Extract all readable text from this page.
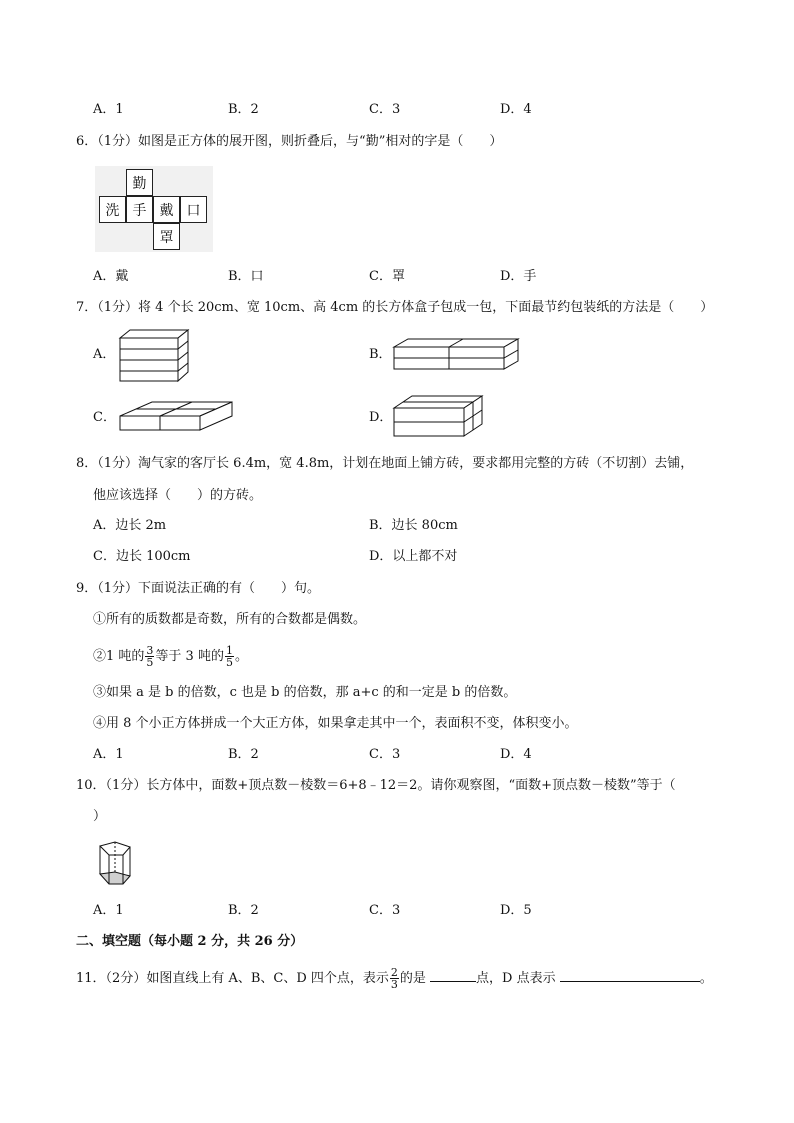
A．1	B．2	C．3	D．4
6．（1分）如图是正方体的展开图，则折叠后，与“勤”相对的字是（　　）
勤
洗 手 戴 口
罩
A．戴	B．口	C．罩	D．手
7．（1分）将 4 个长 20cm、宽 10cm、高 4cm 的长方体盒子包成一包，下面最节约包装纸的方法是（　　）
A．	B．
C．	D．
8．（1分）淘气家的客厅长 6.4m，宽 4.8m，计划在地面上铺方砖，要求都用完整的方砖（不切割）去铺，
他应该选择（　　）的方砖。
A．边长 2m	B．边长 80cm
C．边长 100cm	D．以上都不对
9．（1分）下面说法正确的有（　　）句。
①所有的质数都是奇数，所有的合数都是偶数。
②1 吨的 $\frac{3}{5}$ 等于 3 吨的 $\frac{1}{5}$ 。
③如果 a 是 b 的倍数，c 也是 b 的倍数，那 a+c 的和一定是 b 的倍数。
④用 8 个小正方体拼成一个大正方体，如果拿走其中一个，表面积不变，体积变小。
A．1	B．2	C．3	D．4
10．（1分）长方体中，面数+顶点数－棱数＝6+8﹣12＝2。请你观察图，“面数+顶点数－棱数”等于（
）
A．1	B．2	C．3	D．5
二、填空题（每小题 2 分，共 26 分）
11．（2分）如图直线上有 A、B、C、D 四个点，表示 $\frac{2}{3}$ 的是	点，D 点表示	。
